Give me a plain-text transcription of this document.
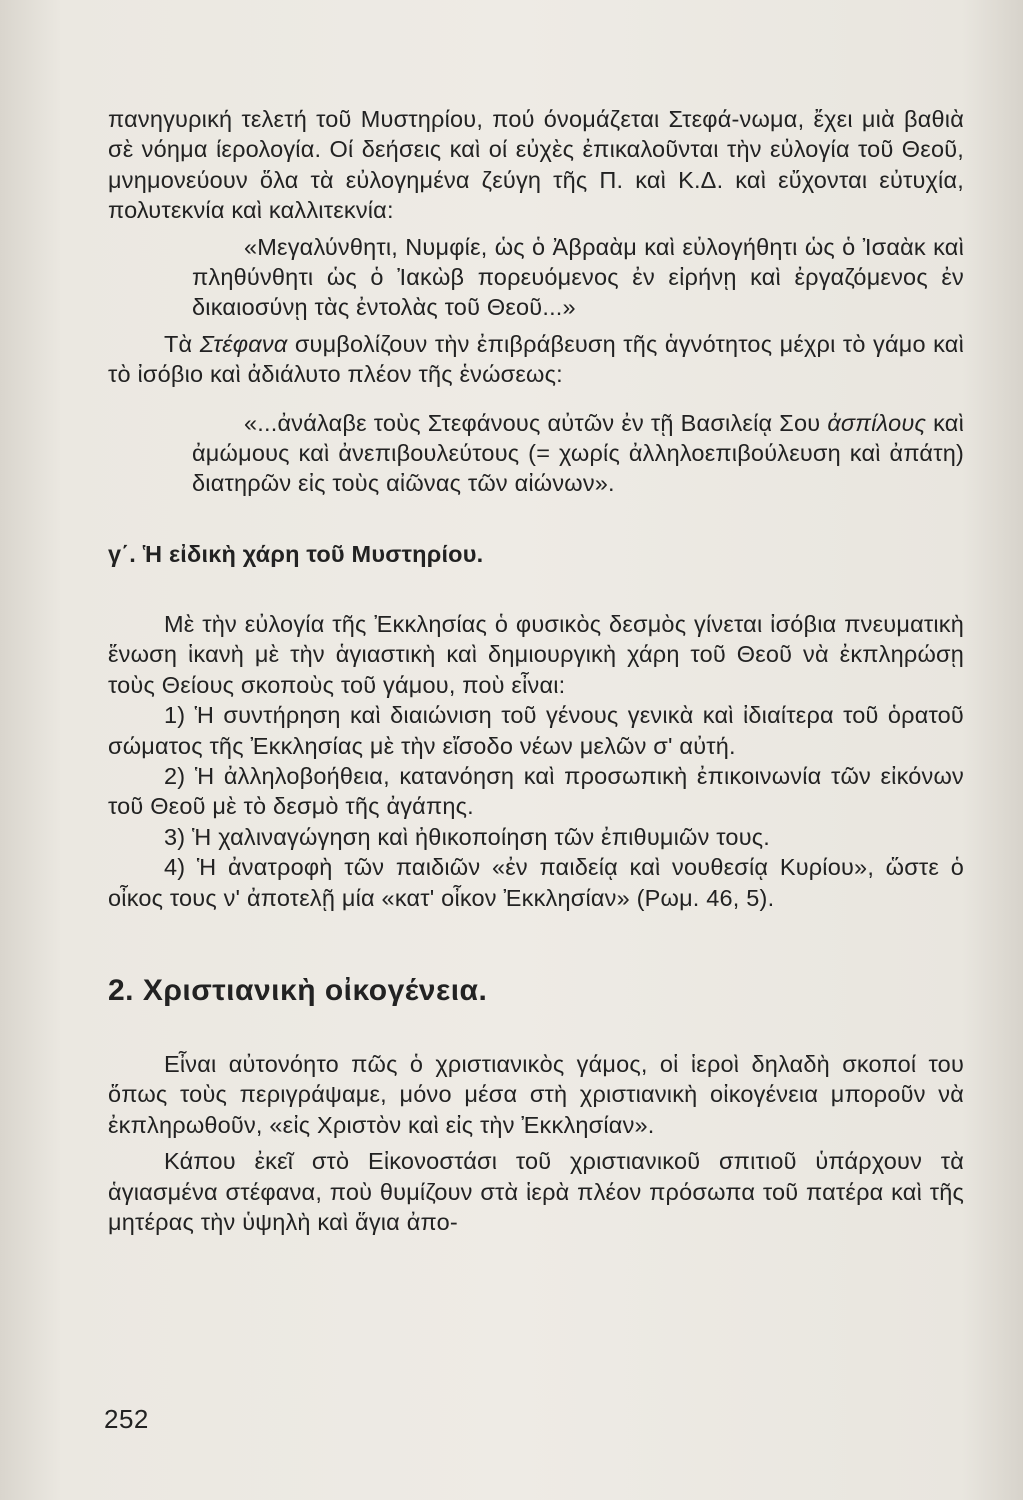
πανηγυρική τελετή τοῦ Μυστηρίου, πού όνομάζεται Στεφά-νωμα, ἔχει μιὰ βαθιὰ σὲ νόημα ίερολογία. Οί δεήσεις καὶ οί εὐχὲς ἐπικαλοῦνται τὴν εὐλογία τοῦ Θεοῦ, μνημονεύουν ὅλα τὰ εὐλογημένα ζεύγη τῆς Π. καὶ Κ.Δ. καὶ εὔχονται εὐτυχία, πολυτεκνία καὶ καλλιτεκνία:

«Μεγαλύνθητι, Νυμφίε, ὡς ὁ Ἀβραὰμ καὶ εὐλογήθητι ὡς ὁ Ἰσαὰκ καὶ πληθύνθητι ὡς ὁ Ἰακὼβ πορευόμενος ἐν εἰρήνῃ καὶ ἐργαζόμενος ἐν δικαιοσύνῃ τὰς ἐντολὰς τοῦ Θεοῦ...»

Τὰ Στέφανα συμβολίζουν τὴν ἐπιβράβευση τῆς ἁγνότητος μέχρι τὸ γάμο καὶ τὸ ἰσόβιο καὶ ἀδιάλυτο πλέον τῆς ἑνώσεως:

«...ἀνάλαβε τοὺς Στεφάνους αὐτῶν ἐν τῇ Βασιλείᾳ Σου ἀσπίλους καὶ ἀμώμους καὶ ἀνεπιβουλεύτους (= χωρίς ἀλληλοεπιβούλευση καὶ ἀπάτη) διατηρῶν εἰς τοὺς αἰῶνας τῶν αἰώνων».

γ΄. Ἡ εἰδικὴ χάρη τοῦ Μυστηρίου.

Μὲ τὴν εὐλογία τῆς Ἐκκλησίας ὁ φυσικὸς δεσμὸς γίνεται ἰσόβια πνευματικὴ ἕνωση ἱκανὴ μὲ τὴν ἁγιαστικὴ καὶ δημιουργικὴ χάρη τοῦ Θεοῦ νὰ ἐκπληρώσῃ τοὺς Θείους σκοποὺς τοῦ γάμου, ποὺ εἶναι:

1) Ἡ συντήρηση καὶ διαιώνιση τοῦ γένους γενικὰ καὶ ἰδιαίτερα τοῦ ὁρατοῦ σώματος τῆς Ἐκκλησίας μὲ τὴν εἴσοδο νέων μελῶν σ' αὐτή.

2) Ἡ ἀλληλοβοήθεια, κατανόηση καὶ προσωπικὴ ἐπικοινωνία τῶν εἰκόνων τοῦ Θεοῦ μὲ τὸ δεσμὸ τῆς ἀγάπης.

3) Ἡ χαλιναγώγηση καὶ ἠθικοποίηση τῶν ἐπιθυμιῶν τους.

4) Ἡ ἀνατροφὴ τῶν παιδιῶν «ἐν παιδείᾳ καὶ νουθεσίᾳ Κυρίου», ὥστε ὁ οἶκος τους ν' ἀποτελῇ μία «κατ' οἶκον Ἐκκλησίαν» (Ρωμ. 46, 5).

2. Χριστιανικὴ οἰκογένεια.

Εἶναι αὐτονόητο πῶς ὁ χριστιανικὸς γάμος, οἱ ἱεροὶ δηλαδὴ σκοποί του ὅπως τοὺς περιγράψαμε, μόνο μέσα στὴ χριστιανικὴ οἰκογένεια μποροῦν νὰ ἐκπληρωθοῦν, «εἰς Χριστὸν καὶ εἰς τὴν Ἐκκλησίαν».

Κάπου ἐκεῖ στὸ Εἰκονοστάσι τοῦ χριστιανικοῦ σπιτιοῦ ὑπάρχουν τὰ ἁγιασμένα στέφανα, ποὺ θυμίζουν στὰ ἱερὰ πλέον πρόσωπα τοῦ πατέρα καὶ τῆς μητέρας τὴν ὑψηλὴ καὶ ἅγια ἀπο-

252
